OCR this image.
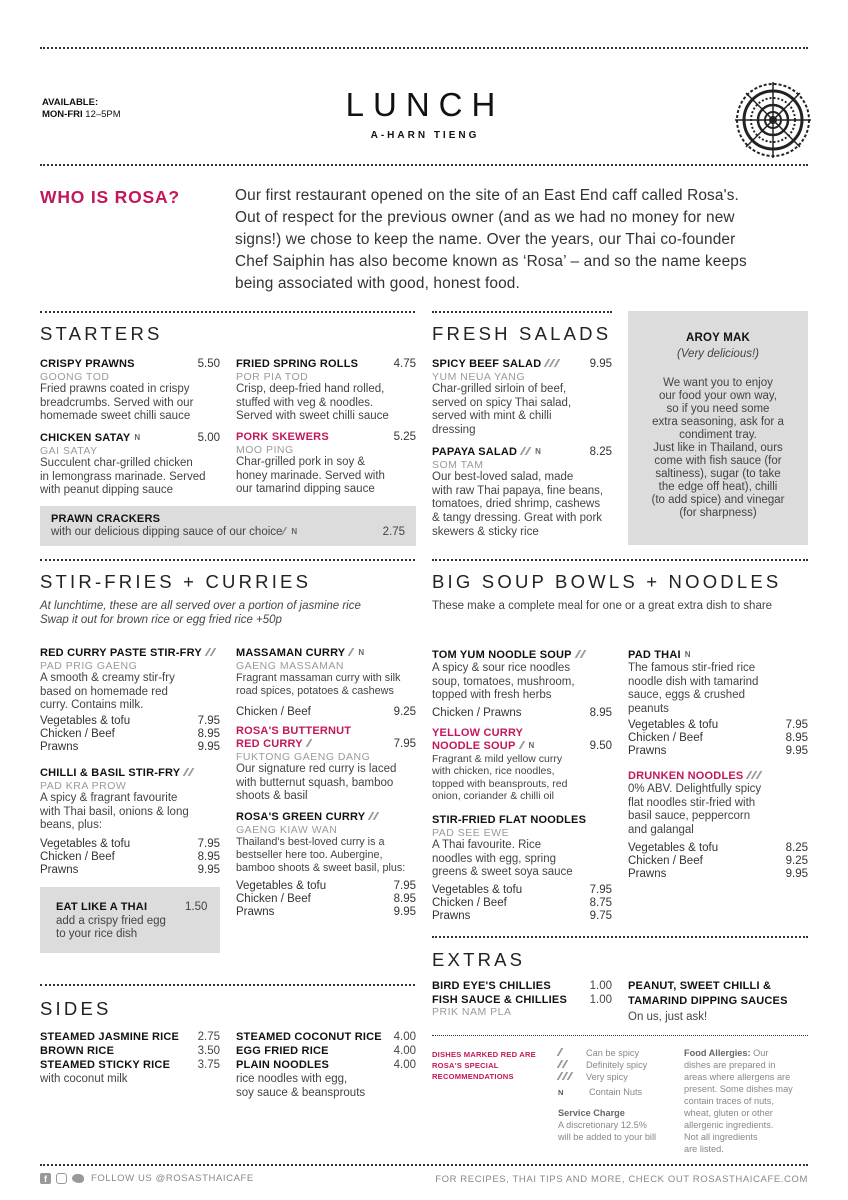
AVAILABLE:
MON-FRI 12–5PM	LUNCH
A-HARN TIENG
WHO IS ROSA?	Our first restaurant opened on the site of an East End caff called Rosa's.
Out of respect for the previous owner (and as we had no money for new
signs!) we chose to keep the name. Over the years, our Thai co-founder
Chef Saiphin has also become known as ‘Rosa’ – and so the name keeps
being associated with good, honest food.
STARTERS
CRISPY PRAWNS	5.50
GOONG TOD
Fried prawns coated in crispy
breadcrumbs. Served with our
homemade sweet chilli sauce
CHICKEN SATAY N	5.00
GAI SATAY
Succulent char-grilled chicken
in lemongrass marinade. Served
with peanut dipping sauce
FRIED SPRING ROLLS	4.75
POR PIA TOD
Crisp, deep-fried hand rolled,
stuffed with veg & noodles.
Served with sweet chilli sauce
PORK SKEWERS	5.25
MOO PING
Char-grilled pork in soy &
honey marinade. Served with
our tamarind dipping sauce
PRAWN CRACKERS
with our delicious dipping sauce of our choice N	2.75
FRESH SALADS
SPICY BEEF SALAD	9.95
YUM NEUA YANG
Char-grilled sirloin of beef,
served on spicy Thai salad,
served with mint & chilli
dressing
PAPAYA SALAD N	8.25
SOM TAM
Our best-loved salad, made
with raw Thai papaya, fine beans,
tomatoes, dried shrimp, cashews
& tangy dressing. Great with pork
skewers & sticky rice
AROY MAK
(Very delicious!)
We want you to enjoy
our food your own way,
so if you need some
extra seasoning, ask for a
condiment tray.
Just like in Thailand, ours
come with fish sauce (for
saltiness), sugar (to take
the edge off heat), chilli
(to add spice) and vinegar
(for sharpness)
STIR-FRIES + CURRIES
At lunchtime, these are all served over a portion of jasmine rice
Swap it out for brown rice or egg fried rice +50p
RED CURRY PASTE STIR-FRY
PAD PRIG GAENG
A smooth & creamy stir-fry
based on homemade red
curry. Contains milk.
Vegetables & tofu	7.95
Chicken / Beef	8.95
Prawns	9.95
CHILLI & BASIL STIR-FRY
PAD KRA PROW
A spicy & fragrant favourite
with Thai basil, onions & long
beans, plus:
Vegetables & tofu	7.95
Chicken / Beef	8.95
Prawns	9.95
EAT LIKE A THAI	1.50
add a crispy fried egg
to your rice dish
MASSAMAN CURRY N
GAENG MASSAMAN
Fragrant massaman curry with silk
road spices, potatoes & cashews
Chicken / Beef	9.25
ROSA'S BUTTERNUT
RED CURRY	7.95
FUKTONG GAENG DANG
Our signature red curry is laced
with butternut squash, bamboo
shoots & basil
ROSA'S GREEN CURRY
GAENG KIAW WAN
Thailand's best-loved curry is a
bestseller here too. Aubergine,
bamboo shoots & sweet basil, plus:
Vegetables & tofu	7.95
Chicken / Beef	8.95
Prawns	9.95
BIG SOUP BOWLS + NOODLES
These make a complete meal for one or a great extra dish to share
TOM YUM NOODLE SOUP
A spicy & sour rice noodles
soup, tomatoes, mushroom,
topped with fresh herbs
Chicken / Prawns	8.95
YELLOW CURRY
NOODLE SOUP N	9.50
Fragrant & mild yellow curry
with chicken, rice noodles,
topped with beansprouts, red
onion, coriander & chilli oil
STIR-FRIED FLAT NOODLES
PAD SEE EWE
A Thai favourite. Rice
noodles with egg, spring
greens & sweet soya sauce
Vegetables & tofu	7.95
Chicken / Beef	8.75
Prawns	9.75
PAD THAI N
The famous stir-fried rice
noodle dish with tamarind
sauce, eggs & crushed
peanuts
Vegetables & tofu	7.95
Chicken / Beef	8.95
Prawns	9.95
DRUNKEN NOODLES
0% ABV. Delightfully spicy
flat noodles stir-fried with
basil sauce, peppercorn
and galangal
Vegetables & tofu	8.25
Chicken / Beef	9.25
Prawns	9.95
EXTRAS
BIRD EYE'S CHILLIES	1.00
FISH SAUCE & CHILLIES 1.00
PRIK NAM PLA
PEANUT, SWEET CHILLI &
TAMARIND DIPPING SAUCES
On us, just ask!
SIDES
STEAMED JASMINE RICE 2.75
BROWN RICE	3.50
STEAMED STICKY RICE 3.75
with coconut milk
STEAMED COCONUT RICE 4.00
EGG FRIED RICE	4.00
PLAIN NOODLES	4.00
rice noodles with egg,
soy sauce & beansprouts
DISHES MARKED RED ARE
ROSA'S SPECIAL
RECOMMENDATIONS
Can be spicy
Definitely spicy
Very spicy
N	Contain Nuts
Service Charge
A discretionary 12.5%
will be added to your bill
Food Allergies: Our
dishes are prepared in
areas where allergens are
present. Some dishes may
contain traces of nuts,
wheat, gluten or other
allergenic ingredients.
Not all ingredients
are listed.
f	FOLLOW US @ROSASTHAICAFE	FOR RECIPES, THAI TIPS AND MORE, CHECK OUT ROSASTHAICAFE.COM
